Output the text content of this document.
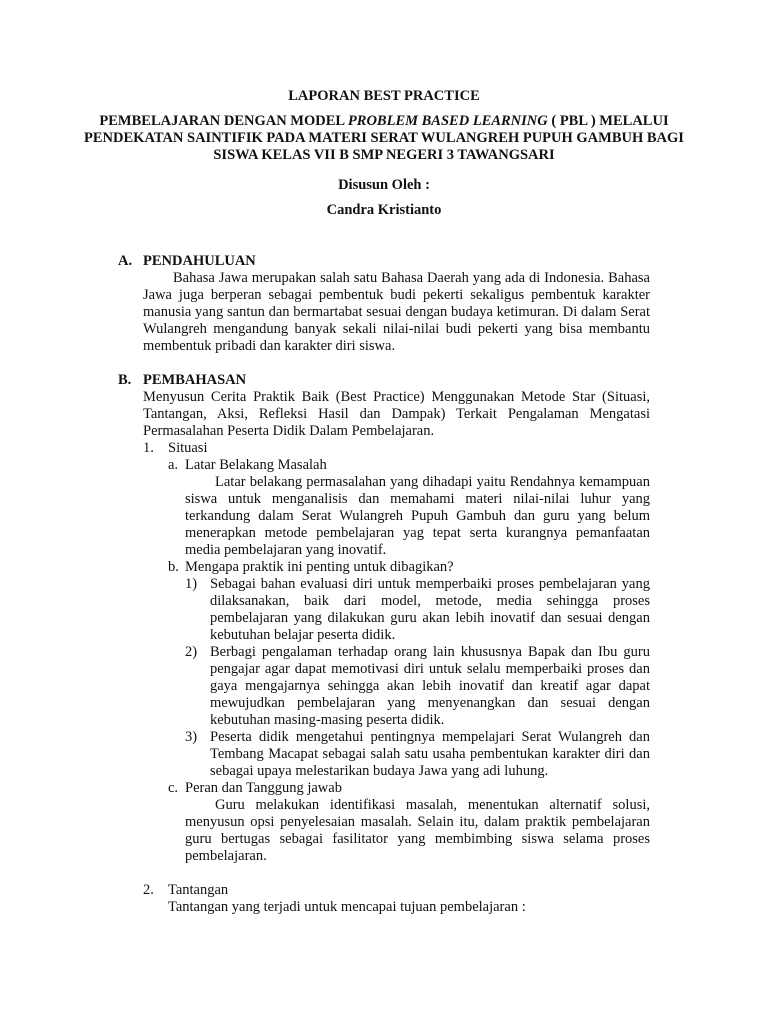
LAPORAN BEST PRACTICE
PEMBELAJARAN DENGAN MODEL PROBLEM BASED LEARNING ( PBL ) MELALUI PENDEKATAN SAINTIFIK PADA MATERI SERAT WULANGREH PUPUH GAMBUH BAGI SISWA KELAS VII B SMP NEGERI 3 TAWANGSARI
Disusun Oleh :
Candra Kristianto
A. PENDAHULUAN
Bahasa Jawa merupakan salah satu Bahasa Daerah yang ada di Indonesia. Bahasa Jawa juga berperan sebagai pembentuk budi pekerti sekaligus pembentuk karakter manusia yang santun dan bermartabat sesuai dengan budaya ketimuran. Di dalam Serat Wulangreh mengandung banyak sekali nilai-nilai budi pekerti yang bisa membantu membentuk pribadi dan karakter diri siswa.
B. PEMBAHASAN
Menyusun Cerita Praktik Baik (Best Practice) Menggunakan Metode Star (Situasi, Tantangan, Aksi, Refleksi Hasil dan Dampak) Terkait Pengalaman Mengatasi Permasalahan Peserta Didik Dalam Pembelajaran.
1. Situasi
a. Latar Belakang Masalah
Latar belakang permasalahan yang dihadapi yaitu Rendahnya kemampuan siswa untuk menganalisis dan memahami materi nilai-nilai luhur yang terkandung dalam Serat Wulangreh Pupuh Gambuh dan guru yang belum menerapkan metode pembelajaran yag tepat serta kurangnya pemanfaatan media pembelajaran yang inovatif.
b. Mengapa praktik ini penting untuk dibagikan?
1) Sebagai bahan evaluasi diri untuk memperbaiki proses pembelajaran yang dilaksanakan, baik dari model, metode, media sehingga proses pembelajaran yang dilakukan guru akan lebih inovatif dan sesuai dengan kebutuhan belajar peserta didik.
2) Berbagi pengalaman terhadap orang lain khususnya Bapak dan Ibu guru pengajar agar dapat memotivasi diri untuk selalu memperbaiki proses dan gaya mengajarnya sehingga akan lebih inovatif dan kreatif agar dapat mewujudkan pembelajaran yang menyenangkan dan sesuai dengan kebutuhan masing-masing peserta didik.
3) Peserta didik mengetahui pentingnya mempelajari Serat Wulangreh dan Tembang Macapat sebagai salah satu usaha pembentukan karakter diri dan sebagai upaya melestarikan budaya Jawa yang adi luhung.
c. Peran dan Tanggung jawab
Guru melakukan identifikasi masalah, menentukan alternatif solusi, menyusun opsi penyelesaian masalah. Selain itu, dalam praktik pembelajaran guru bertugas sebagai fasilitator yang membimbing siswa selama proses pembelajaran.
2. Tantangan
Tantangan yang terjadi untuk mencapai tujuan pembelajaran :
